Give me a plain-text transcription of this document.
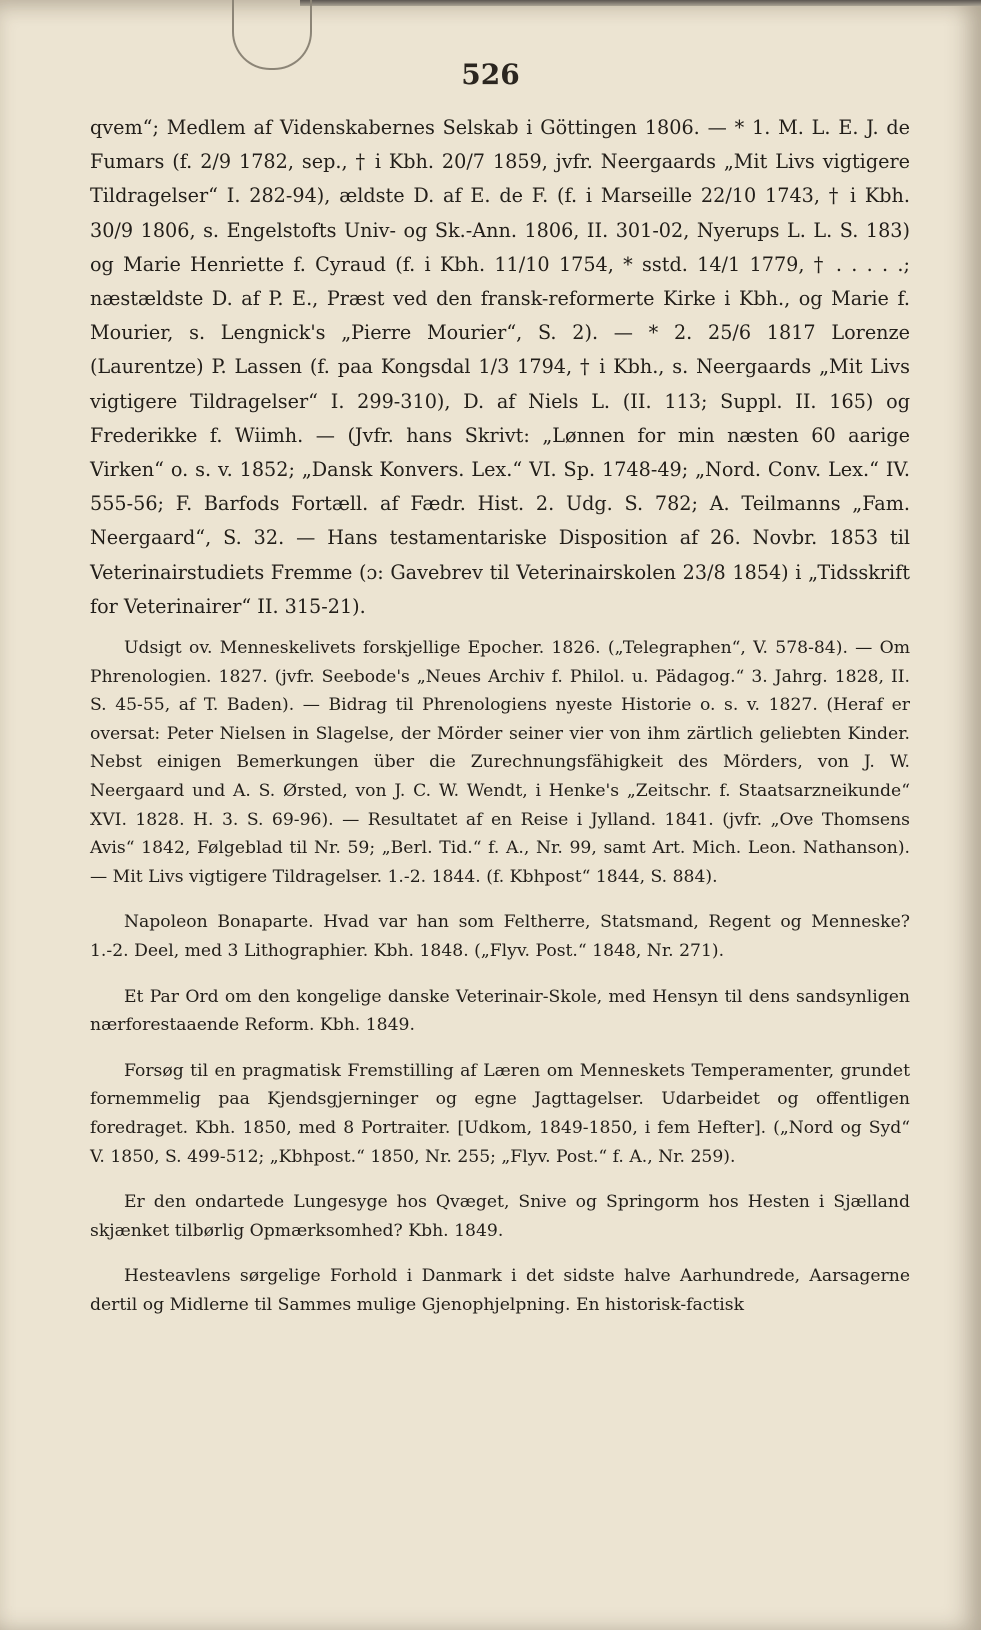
526

qvem“; Medlem af Videnskabernes Selskab i Göttingen 1806. — * 1. M. L. E. J. de Fumars (f. 2/9 1782, sep., † i Kbh. 20/7 1859, jvfr. Neergaards „Mit Livs vigtigere Tildragelser“ I. 282-94), ældste D. af E. de F. (f. i Marseille 22/10 1743, † i Kbh. 30/9 1806, s. Engelstofts Univ- og Sk.-Ann. 1806, II. 301-02, Nyerups L. L. S. 183) og Marie Henriette f. Cyraud (f. i Kbh. 11/10 1754, * sstd. 14/1 1779, † . . . . .; næstældste D. af P. E., Præst ved den fransk-reformerte Kirke i Kbh., og Marie f. Mourier, s. Lengnick's „Pierre Mourier“, S. 2). — * 2. 25/6 1817 Lorenze (Laurentze) P. Lassen (f. paa Kongsdal 1/3 1794, † i Kbh., s. Neergaards „Mit Livs vigtigere Tildragelser“ I. 299-310), D. af Niels L. (II. 113; Suppl. II. 165) og Frederikke f. Wiimh. — (Jvfr. hans Skrivt: „Lønnen for min næsten 60 aarige Virken“ o. s. v. 1852; „Dansk Konvers. Lex.“ VI. Sp. 1748-49; „Nord. Conv. Lex.“ IV. 555-56; F. Barfods Fortæll. af Fædr. Hist. 2. Udg. S. 782; A. Teilmanns „Fam. Neergaard“, S. 32. — Hans testamentariske Disposition af 26. Novbr. 1853 til Veterinairstudiets Fremme (ɔ: Gavebrev til Veterinairskolen 23/8 1854) i „Tidsskrift for Veterinairer“ II. 315-21).

Udsigt ov. Menneskelivets forskjellige Epocher. 1826. („Telegraphen“, V. 578-84). — Om Phrenologien. 1827. (jvfr. Seebode's „Neues Archiv f. Philol. u. Pädagog.“ 3. Jahrg. 1828, II. S. 45-55, af T. Baden). — Bidrag til Phrenologiens nyeste Historie o. s. v. 1827. (Heraf er oversat: Peter Nielsen in Slagelse, der Mörder seiner vier von ihm zärtlich geliebten Kinder. Nebst einigen Bemerkungen über die Zurechnungsfähigkeit des Mörders, von J. W. Neergaard und A. S. Ørsted, von J. C. W. Wendt, i Henke's „Zeitschr. f. Staatsarzneikunde“ XVI. 1828. H. 3. S. 69-96). — Resultatet af en Reise i Jylland. 1841. (jvfr. „Ove Thomsens Avis“ 1842, Følgeblad til Nr. 59; „Berl. Tid.“ f. A., Nr. 99, samt Art. Mich. Leon. Nathanson). — Mit Livs vigtigere Tildragelser. 1.-2. 1844. (f. Kbhpost“ 1844, S. 884).

Napoleon Bonaparte. Hvad var han som Feltherre, Statsmand, Regent og Menneske? 1.-2. Deel, med 3 Lithographier. Kbh. 1848. („Flyv. Post.“ 1848, Nr. 271).

Et Par Ord om den kongelige danske Veterinair-Skole, med Hensyn til dens sandsynligen nærforestaaende Reform. Kbh. 1849.

Forsøg til en pragmatisk Fremstilling af Læren om Menneskets Temperamenter, grundet fornemmelig paa Kjendsgjerninger og egne Jagttagelser. Udarbeidet og offentligen foredraget. Kbh. 1850, med 8 Portraiter. [Udkom, 1849-1850, i fem Hefter]. („Nord og Syd“ V. 1850, S. 499-512; „Kbhpost.“ 1850, Nr. 255; „Flyv. Post.“ f. A., Nr. 259).

Er den ondartede Lungesyge hos Qvæget, Snive og Springorm hos Hesten i Sjælland skjænket tilbørlig Opmærksomhed? Kbh. 1849.

Hesteavlens sørgelige Forhold i Danmark i det sidste halve Aarhundrede, Aarsagerne dertil og Midlerne til Sammes mulige Gjenophjelpning. En historisk-factisk
